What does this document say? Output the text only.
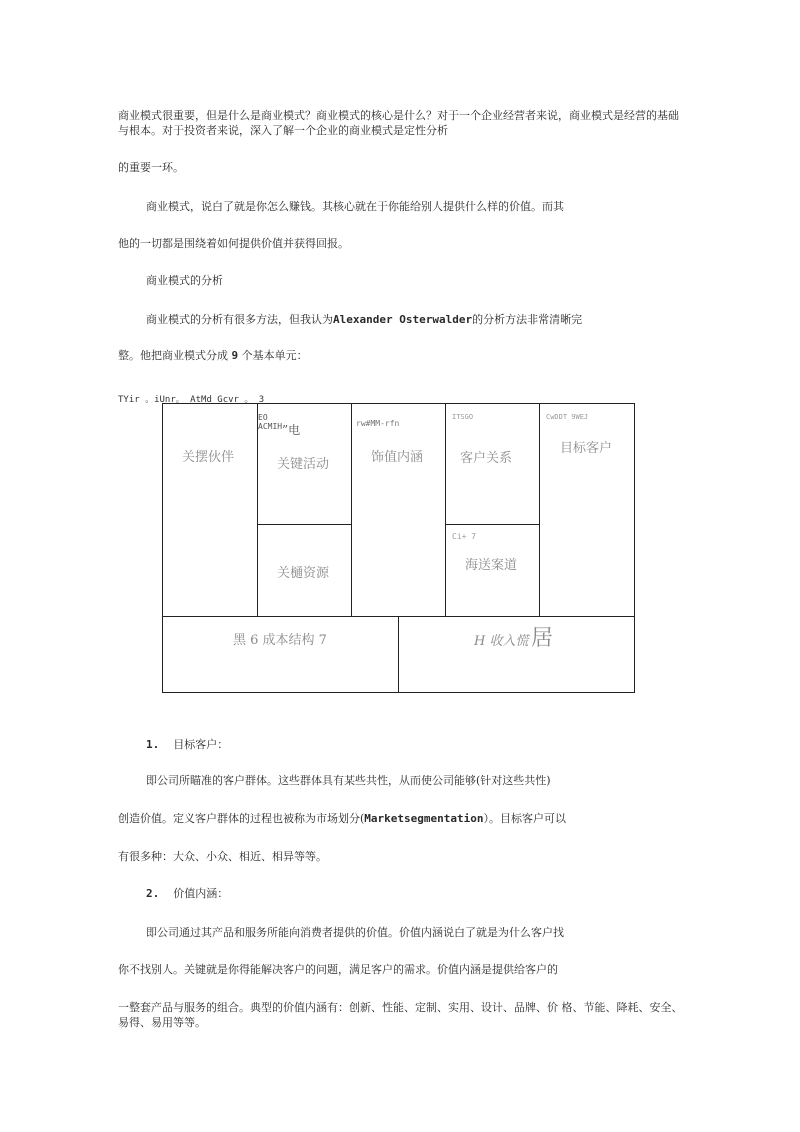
商业模式很重要，但是什么是商业模式？商业模式的核心是什么？对于一个企业经营者来说，商业模式是经营的基础与根本。对于投资者来说，深入了解一个企业的商业模式是定性分析
的重要一环。
商业模式，说白了就是你怎么赚钱。其核心就在于你能给别人提供什么样的价值。而其
他的一切都是围绕着如何提供价值并获得回报。
商业模式的分析
商业模式的分析有很多方法，但我认为Alexander Osterwalder的分析方法非常清晰完
整。他把商业模式分成 9 个基本单元：
TYir 。iUnr。 AtMd Gcvr 。 3
关摆伙伴
EO
ACMIH ”电
关键活动
关樋资源
rw#MM-rfn
饰值内涵
ITSGO
客户关系
Ci+ 7
海送案道
CwDDT 9WEJ
目标客户
黑 6 成本结构 7	H 收入慌 居
1. 目标客户：
即公司所瞄准的客户群体。这些群体具有某些共性，从而使公司能够(针对这些共性)
创造价值。定义客户群体的过程也被称为市场划分(Marketsegmentation）。目标客户可以
有很多种：大众、小众、相近、相异等等。
2. 价值内涵：
即公司通过其产品和服务所能向消费者提供的价值。价值内涵说白了就是为什么客户找
你不找别人。关键就是你得能解决客户的问题，满足客户的需求。价值内涵是提供给客户的
一整套产品与服务的组合。典型的价值内涵有：创新、性能、定制、实用、设计、品牌、价 格、节能、降耗、安全、易得、易用等等。
